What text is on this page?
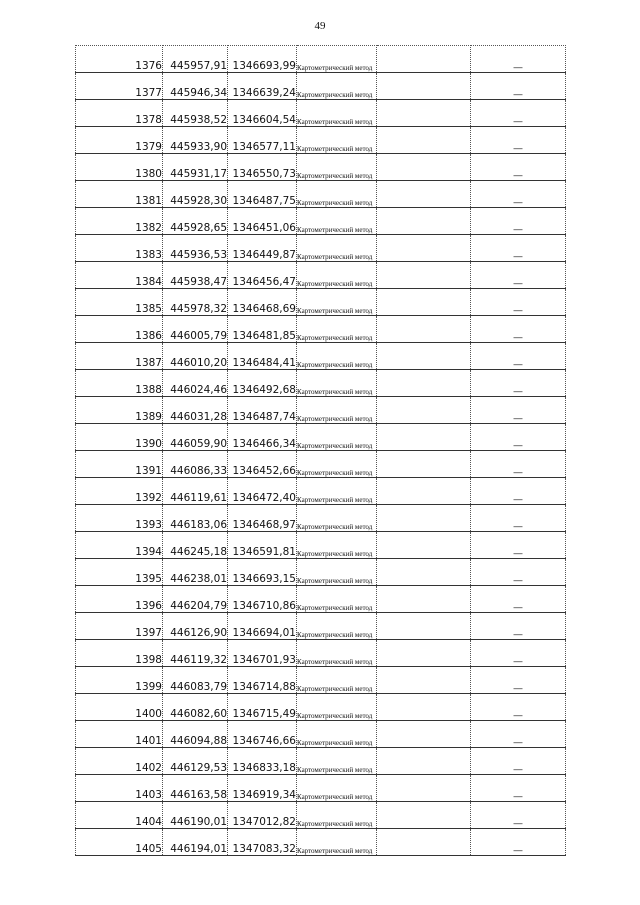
49
1376	445957,91	1346693,99	Картометрический метод		—
1377	445946,34	1346639,24	Картометрический метод		—
1378	445938,52	1346604,54	Картометрический метод		—
1379	445933,90	1346577,11	Картометрический метод		—
1380	445931,17	1346550,73	Картометрический метод		—
1381	445928,30	1346487,75	Картометрический метод		—
1382	445928,65	1346451,06	Картометрический метод		—
1383	445936,53	1346449,87	Картометрический метод		—
1384	445938,47	1346456,47	Картометрический метод		—
1385	445978,32	1346468,69	Картометрический метод		—
1386	446005,79	1346481,85	Картометрический метод		—
1387	446010,20	1346484,41	Картометрический метод		—
1388	446024,46	1346492,68	Картометрический метод		—
1389	446031,28	1346487,74	Картометрический метод		—
1390	446059,90	1346466,34	Картометрический метод		—
1391	446086,33	1346452,66	Картометрический метод		—
1392	446119,61	1346472,40	Картометрический метод		—
1393	446183,06	1346468,97	Картометрический метод		—
1394	446245,18	1346591,81	Картометрический метод		—
1395	446238,01	1346693,15	Картометрический метод		—
1396	446204,79	1346710,86	Картометрический метод		—
1397	446126,90	1346694,01	Картометрический метод		—
1398	446119,32	1346701,93	Картометрический метод		—
1399	446083,79	1346714,88	Картометрический метод		—
1400	446082,60	1346715,49	Картометрический метод		—
1401	446094,88	1346746,66	Картометрический метод		—
1402	446129,53	1346833,18	Картометрический метод		—
1403	446163,58	1346919,34	Картометрический метод		—
1404	446190,01	1347012,82	Картометрический метод		—
1405	446194,01	1347083,32	Картометрический метод		—
